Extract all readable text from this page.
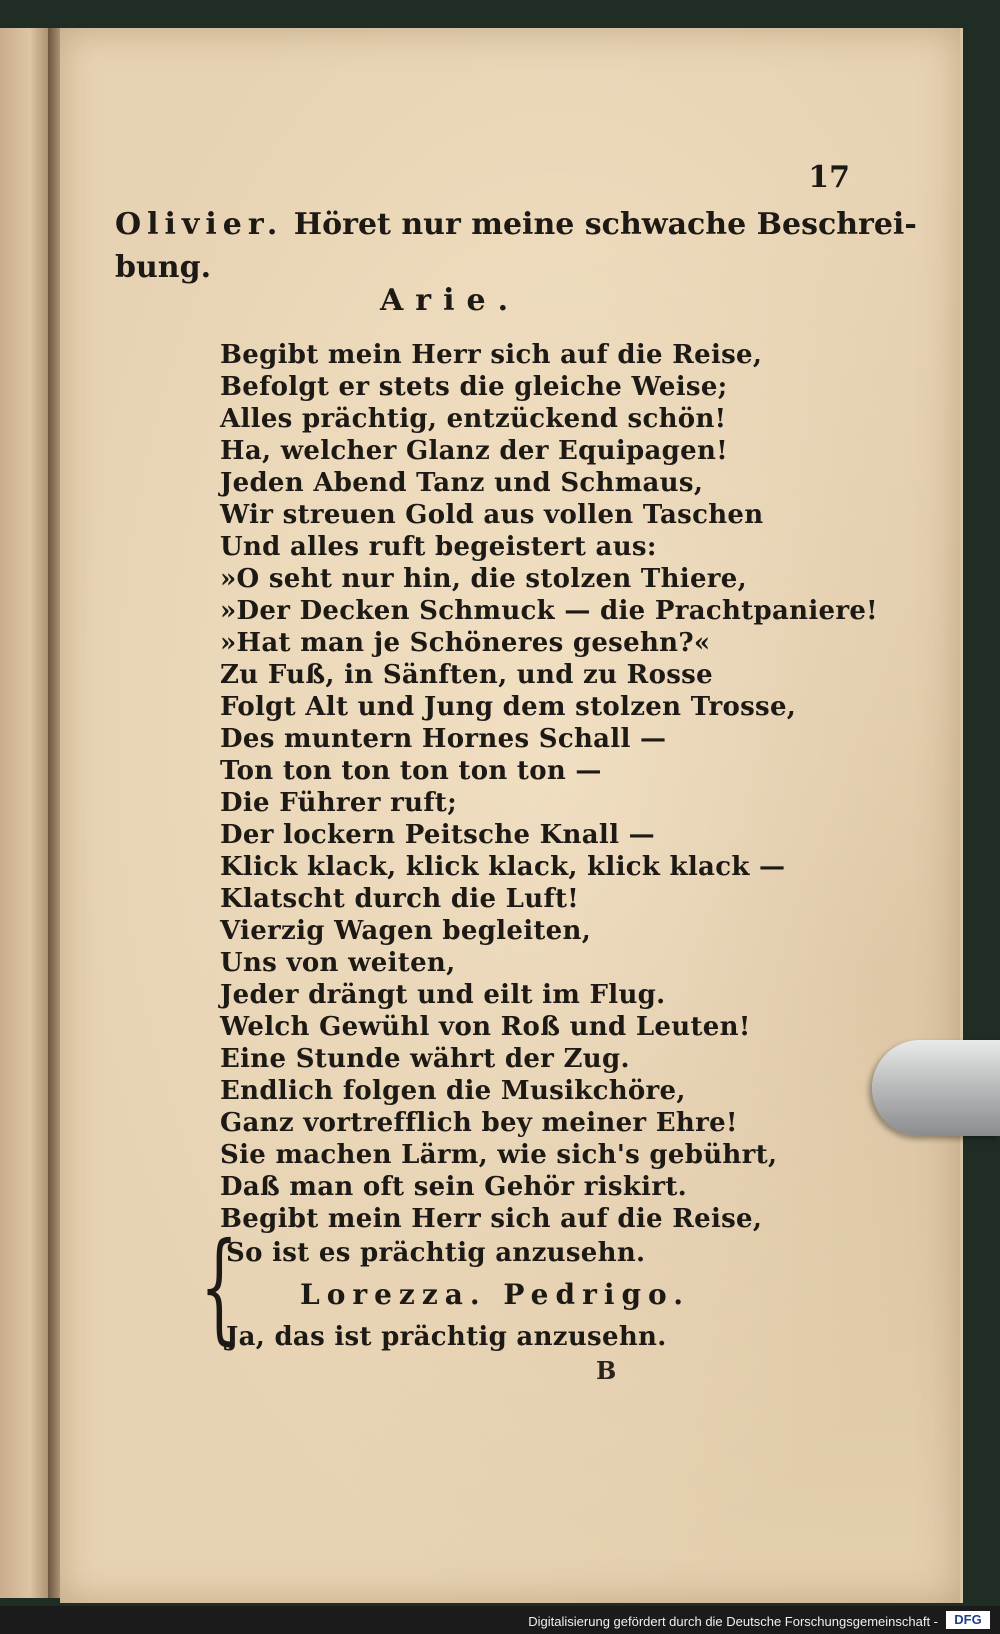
17
Olivier. Höret nur meine schwache Beschrei-
bung.
Arie.
Begibt mein Herr sich auf die Reise,
Befolgt er stets die gleiche Weise;
Alles prächtig, entzückend schön!
Ha, welcher Glanz der Equipagen!
Jeden Abend Tanz und Schmaus,
Wir streuen Gold aus vollen Taschen
Und alles ruft begeistert aus:
»O seht nur hin, die stolzen Thiere,
»Der Decken Schmuck — die Prachtpaniere!
»Hat man je Schöneres gesehn?«
Zu Fuß, in Sänften, und zu Rosse
Folgt Alt und Jung dem stolzen Trosse,
Des muntern Hornes Schall —
Ton ton ton ton ton ton —
Die Führer ruft;
Der lockern Peitsche Knall —
Klick klack, klick klack, klick klack —
Klatscht durch die Luft!
Vierzig Wagen begleiten,
Uns von weiten,
Jeder drängt und eilt im Flug.
Welch Gewühl von Roß und Leuten!
Eine Stunde währt der Zug.
Endlich folgen die Musikchöre,
Ganz vortrefflich bey meiner Ehre!
Sie machen Lärm, wie sich's gebührt,
Daß man oft sein Gehör riskirt.
Begibt mein Herr sich auf die Reise,
So ist es prächtig anzusehn.
{ Lorezza. Pedrigo.
Ja, das ist prächtig anzusehn.
B
Digitalisierung gefördert durch die Deutsche Forschungsgemeinschaft -	DFG
